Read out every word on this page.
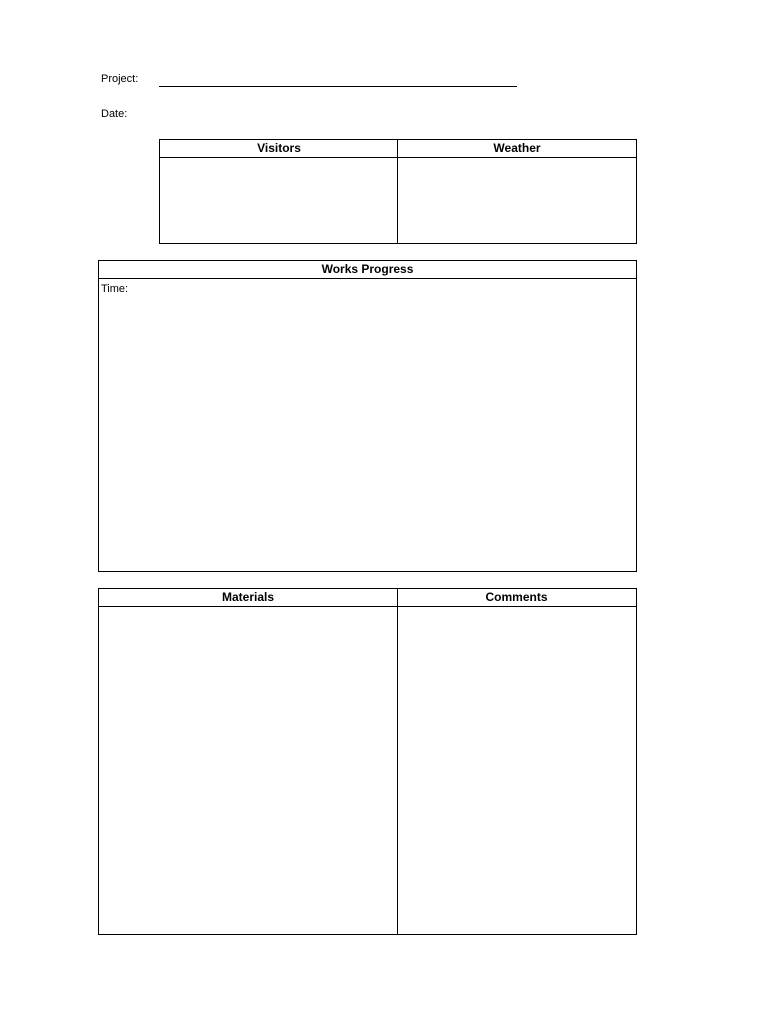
Project:
Date:
Visitors	Weather
Works Progress
Time:
Materials	Comments
